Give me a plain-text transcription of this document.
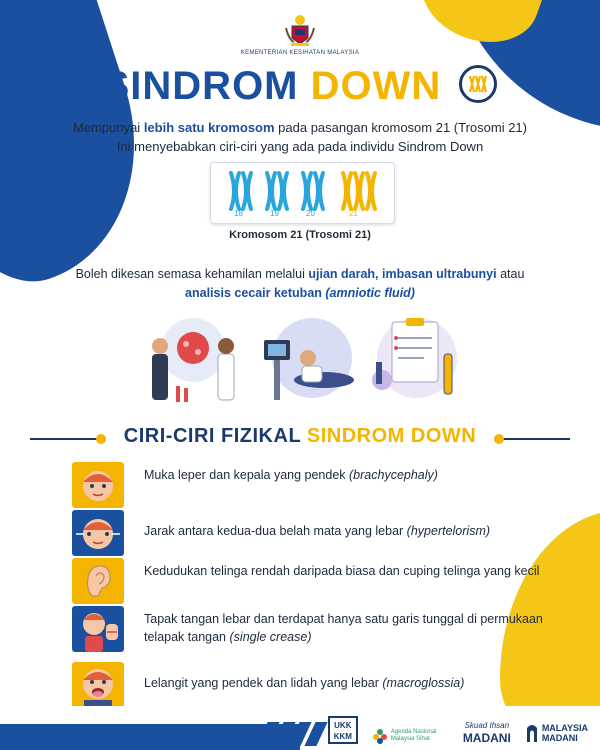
KEMENTERIAN KESIHATAN MALAYSIA
SINDROM DOWN
Mempunyai lebih satu kromosom pada pasangan kromosom 21 (Trosomi 21)
Ini menyebabkan ciri-ciri yang ada pada individu Sindrom Down
18	19	20	21
Kromosom 21 (Trosomi 21)
Boleh dikesan semasa kehamilan melalui ujian darah, imbasan ultrabunyi atau
analisis cecair ketuban (amniotic fluid)
CIRI-CIRI FIZIKAL SINDROM DOWN
Muka leper dan kepala yang pendek (brachycephaly)
Jarak antara kedua-dua belah mata yang lebar (hypertelorism)
Kedudukan telinga rendah daripada biasa dan cuping telinga yang kecil
Tapak tangan lebar dan terdapat hanya satu garis tunggal di permukaan telapak tangan (single crease)
Lelangit yang pendek dan lidah yang lebar (macroglossia)
UKK
KKM	Agenda Nasional
Malaysia Sihat
Skuad Ihsan
MADANI
MALAYSIA
MADANI
